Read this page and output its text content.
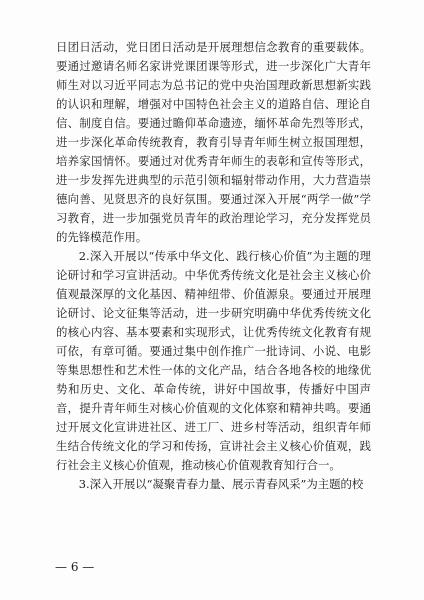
日团日活动，党日团日活动是开展理想信念教育的重要载体。要通过邀请名师名家讲党课团课等形式，进一步深化广大青年师生对以习近平同志为总书记的党中央治国理政新思想新实践的认识和理解，增强对中国特色社会主义的道路自信、理论自信、制度自信。要通过瞻仰革命遗迹，缅怀革命先烈等形式，进一步深化革命传统教育，教育引导青年师生树立报国理想，培养家国情怀。要通过对优秀青年师生的表彰和宣传等形式，进一步发挥先进典型的示范引领和辐射带动作用，大力营造崇德向善、见贤思齐的良好氛围。要通过深入开展“两学一做”学习教育，进一步加强党员青年的政治理论学习，充分发挥党员的先锋模范作用。

2.深入开展以“传承中华文化、践行核心价值”为主题的理论研讨和学习宣讲活动。中华优秀传统文化是社会主义核心价值观最深厚的文化基因、精神纽带、价值源泉。要通过开展理论研讨、论文征集等活动，进一步研究明确中华优秀传统文化的核心内容、基本要素和实现形式，让优秀传统文化教育有规可依，有章可循。要通过集中创作推广一批诗词、小说、电影等集思想性和艺术性一体的文化产品，结合各地各校的地缘优势和历史、文化、革命传统，讲好中国故事，传播好中国声音，提升青年师生对核心价值观的文化体察和精神共鸣。要通过开展文化宣讲进社区、进工厂、进乡村等活动，组织青年师生结合传统文化的学习和传扬，宣讲社会主义核心价值观，践行社会主义核心价值观，推动核心价值观教育知行合一。

3.深入开展以“凝聚青春力量、展示青春风采”为主题的校

— 6 —
